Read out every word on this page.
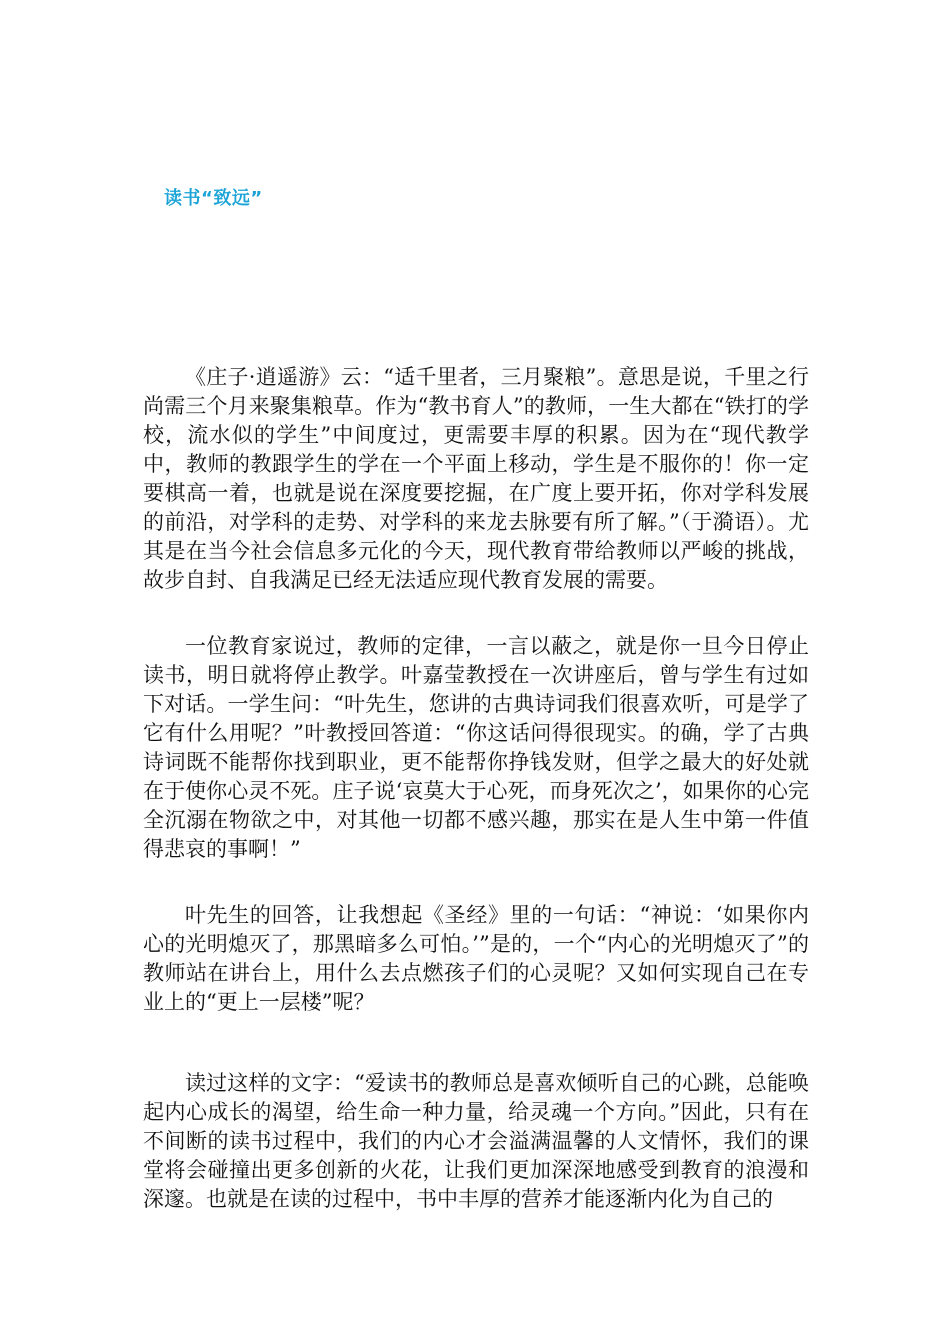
读书“致远”

《庄子·逍遥游》云：“适千里者，三月聚粮”。意思是说，千里之行尚需三个月来聚集粮草。作为“教书育人”的教师，一生大都在“铁打的学校，流水似的学生”中间度过，更需要丰厚的积累。因为在“现代教学中，教师的教跟学生的学在一个平面上移动，学生是不服你的！你一定要棋高一着，也就是说在深度要挖掘，在广度上要开拓，你对学科发展的前沿，对学科的走势、对学科的来龙去脉要有所了解。”（于漪语）。尤其是在当今社会信息多元化的今天，现代教育带给教师以严峻的挑战，故步自封、自我满足已经无法适应现代教育发展的需要。

一位教育家说过，教师的定律，一言以蔽之，就是你一旦今日停止读书，明日就将停止教学。叶嘉莹教授在一次讲座后，曾与学生有过如下对话。一学生问：“叶先生，您讲的古典诗词我们很喜欢听，可是学了它有什么用呢？”叶教授回答道：“你这话问得很现实。的确，学了古典诗词既不能帮你找到职业，更不能帮你挣钱发财，但学之最大的好处就在于使你心灵不死。庄子说‘哀莫大于心死，而身死次之’，如果你的心完全沉溺在物欲之中，对其他一切都不感兴趣，那实在是人生中第一件值得悲哀的事啊！”

叶先生的回答，让我想起《圣经》里的一句话：“神说：‘如果你内心的光明熄灭了，那黑暗多么可怕。’”是的，一个“内心的光明熄灭了”的教师站在讲台上，用什么去点燃孩子们的心灵呢？又如何实现自己在专业上的“更上一层楼”呢？

读过这样的文字：“爱读书的教师总是喜欢倾听自己的心跳，总能唤起内心成长的渴望，给生命一种力量，给灵魂一个方向。”因此，只有在不间断的读书过程中，我们的内心才会溢满温馨的人文情怀，我们的课堂将会碰撞出更多创新的火花，让我们更加深深地感受到教育的浪漫和深邃。也就是在读的过程中，书中丰厚的营养才能逐渐内化为自己的
